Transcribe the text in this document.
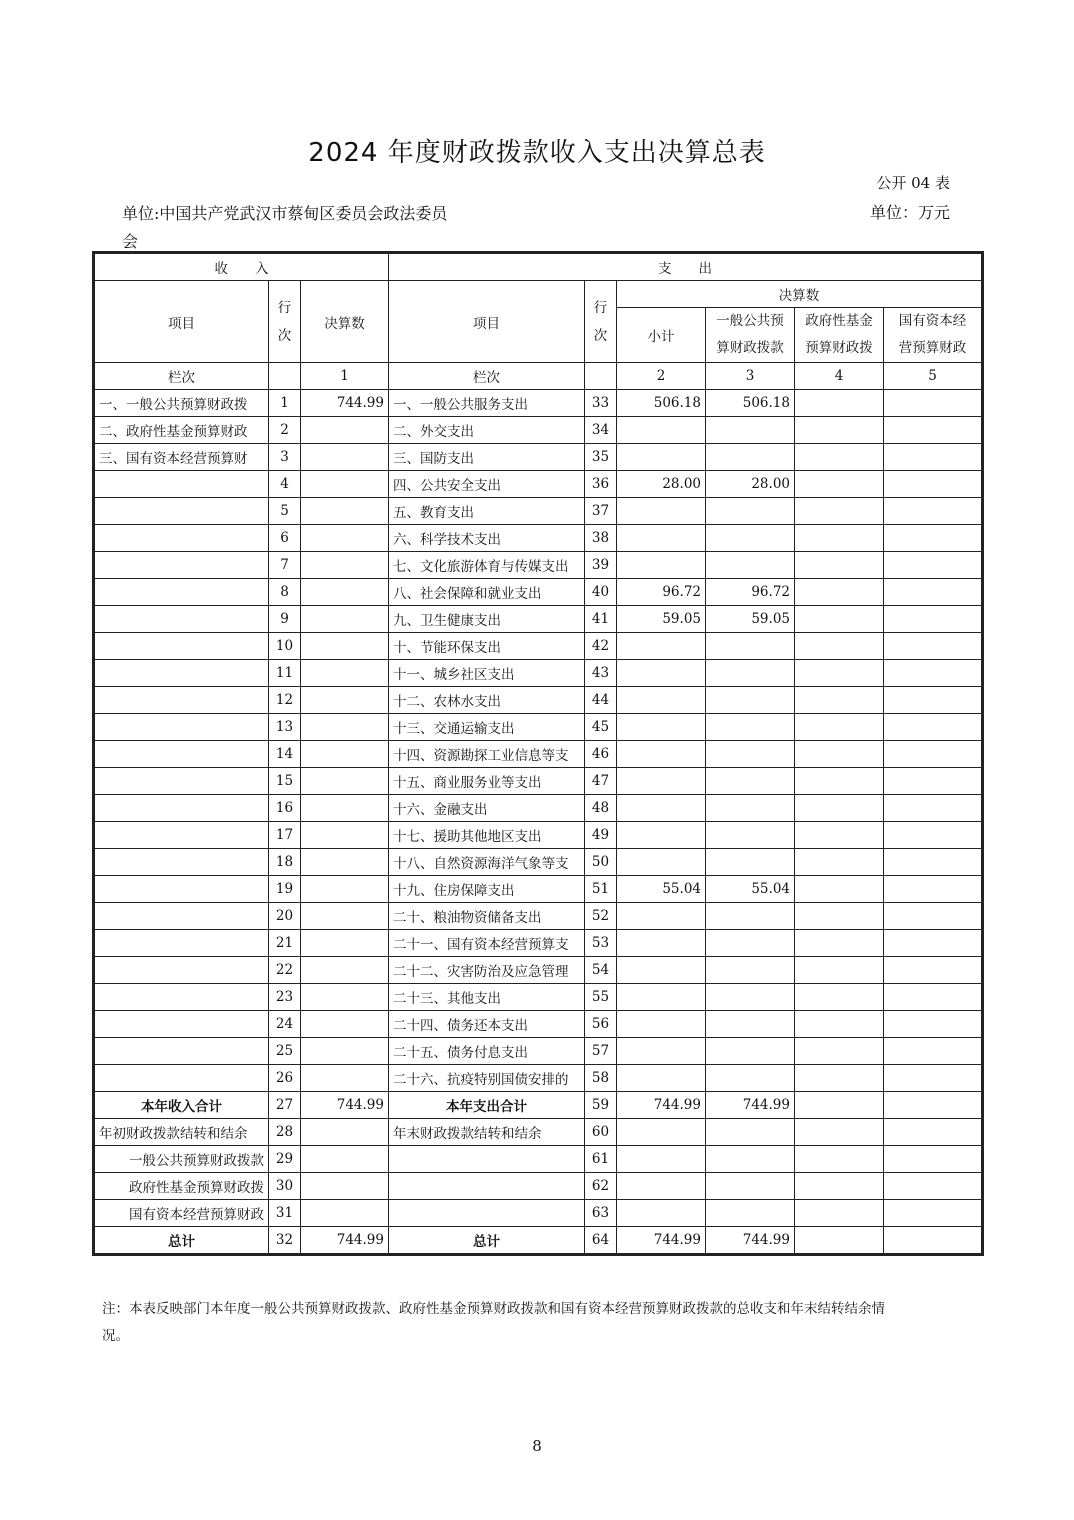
2024 年度财政拨款收入支出决算总表
公开 04 表
单位:中国共产党武汉市蔡甸区委员会政法委员会
单位：万元
收　　入			支　　出					
项目	行次	决算数	项目	行次	决算数			
					小计	一般公共预算财政拨款	政府性基金预算财政拨	国有资本经营预算财政
栏次		1	栏次		2	3	4	5
一、一般公共预算财政拨	1	744.99	一、一般公共服务支出	33	506.18	506.18		
二、政府性基金预算财政	2		二、外交支出	34				
三、国有资本经营预算财	3		三、国防支出	35				
	4		四、公共安全支出	36	28.00	28.00		
	5		五、教育支出	37				
	6		六、科学技术支出	38				
	7		七、文化旅游体育与传媒支出	39				
	8		八、社会保障和就业支出	40	96.72	96.72		
	9		九、卫生健康支出	41	59.05	59.05		
	10		十、节能环保支出	42				
	11		十一、城乡社区支出	43				
	12		十二、农林水支出	44				
	13		十三、交通运输支出	45				
	14		十四、资源勘探工业信息等支	46				
	15		十五、商业服务业等支出	47				
	16		十六、金融支出	48				
	17		十七、援助其他地区支出	49				
	18		十八、自然资源海洋气象等支	50				
	19		十九、住房保障支出	51	55.04	55.04		
	20		二十、粮油物资储备支出	52				
	21		二十一、国有资本经营预算支	53				
	22		二十二、灾害防治及应急管理	54				
	23		二十三、其他支出	55				
	24		二十四、债务还本支出	56				
	25		二十五、债务付息支出	57				
	26		二十六、抗疫特别国债安排的	58				
本年收入合计	27	744.99	本年支出合计	59	744.99	744.99		
年初财政拨款结转和结余	28		年末财政拨款结转和结余	60				
一般公共预算财政拨款	29			61				
政府性基金预算财政拨	30			62				
国有资本经营预算财政	31			63				
总计	32	744.99	总计	64	744.99	744.99		
注：本表反映部门本年度一般公共预算财政拨款、政府性基金预算财政拨款和国有资本经营预算财政拨款的总收支和年末结转结余情况。
8
